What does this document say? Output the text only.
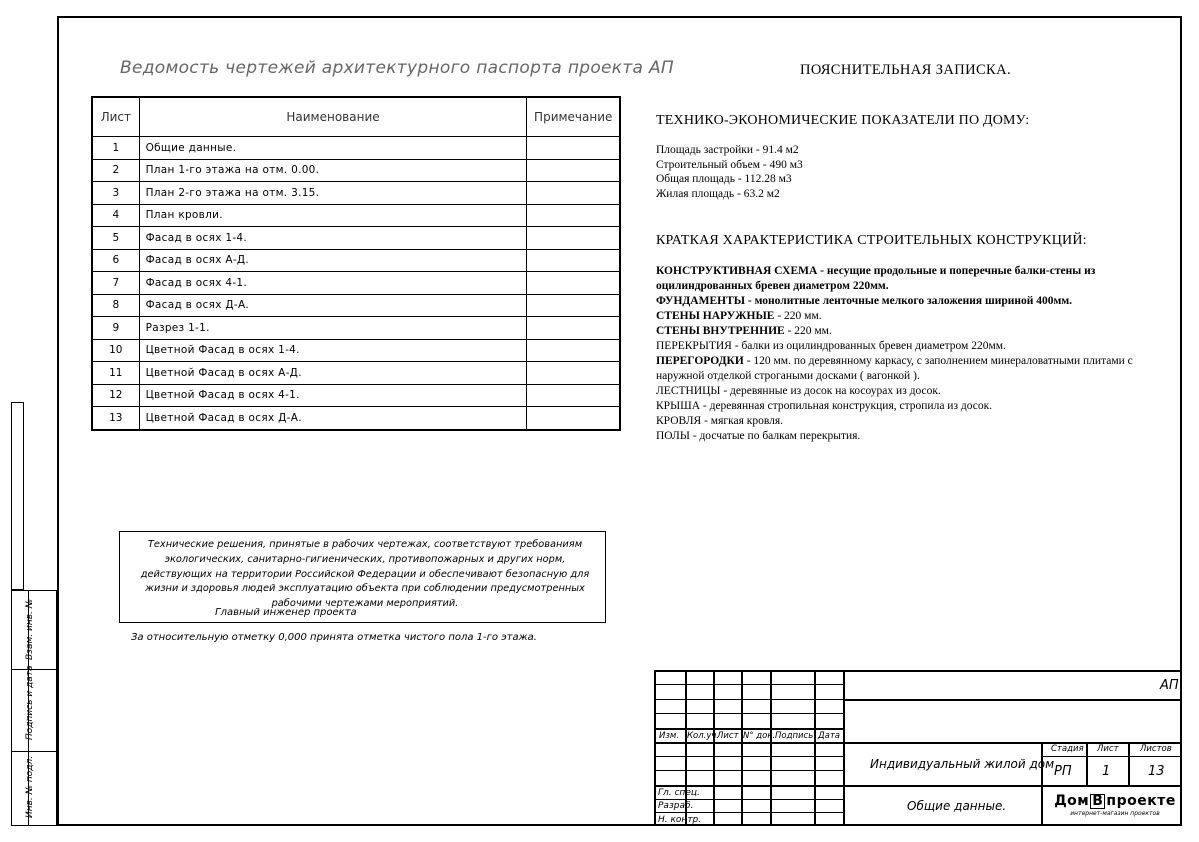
Ведомость чертежей архитектурного паспорта проекта АП
Лист	Наименование	Примечание
1	Общие данные.	
2	План 1-го этажа на отм. 0.00.	
3	План 2-го этажа на отм. 3.15.	
4	План кровли.	
5	Фасад в осях 1-4.	
6	Фасад в осях А-Д.	
7	Фасад в осях 4-1.	
8	Фасад в осях Д-А.	
9	Разрез 1-1.	
10	Цветной Фасад в осях 1-4.	
11	Цветной Фасад в осях А-Д.	
12	Цветной Фасад в осях 4-1.	
13	Цветной Фасад в осях Д-А.	
ПОЯСНИТЕЛЬНАЯ ЗАПИСКА.
ТЕХНИКО-ЭКОНОМИЧЕСКИЕ ПОКАЗАТЕЛИ ПО ДОМУ:
Площадь застройки - 91.4 м2
Строительный объем - 490 м3
Общая площадь - 112.28 м3
Жилая площадь - 63.2 м2
КРАТКАЯ ХАРАКТЕРИСТИКА СТРОИТЕЛЬНЫХ КОНСТРУКЦИЙ:
КОНСТРУКТИВНАЯ СХЕМА - несущие продольные и поперечные балки-стены из оцилиндрованных бревен диаметром 220мм.
ФУНДАМЕНТЫ - монолитные ленточные мелкого заложения шириной 400мм.
СТЕНЫ НАРУЖНЫЕ - 220 мм.
СТЕНЫ ВНУТРЕННИЕ - 220 мм.
ПЕРЕКРЫТИЯ - балки из оцилиндрованных бревен диаметром 220мм.
ПЕРЕГОРОДКИ - 120 мм. по деревянному каркасу, с заполнением минераловатными плитами с наружной отделкой строгаными досками ( вагонкой ).
ЛЕСТНИЦЫ - деревянные из досок на косоурах из досок.
КРЫША - деревянная стропильная конструкция, стропила из досок.
КРОВЛЯ - мягкая кровля.
ПОЛЫ - досчатые по балкам перекрытия.
Технические решения, принятые в рабочих чертежах, соответствуют требованиям экологических, санитарно-гигиенических, противопожарных и других норм, действующих на территории Российской Федерации и обеспечивают безопасную для жизни и здоровья людей эксплуатацию объекта при соблюдении предусмотренных рабочими чертежами мероприятий.
Главный инженер проекта
За относительную отметку 0,000 принята отметка чистого пола 1-го этажа.
Взам. инв. №
Подпись и дата
Инв. № подл.
АП
Изм. Кол.уч.
Лист N° док. Подпись Дата
Гл. спец.
Разраб.
Н. контр.
Индивидуальный жилой дом
Общие данные.
Стадия Лист	Листов
РП 1	13
Дом В проекте
интернет-магазин проектов
